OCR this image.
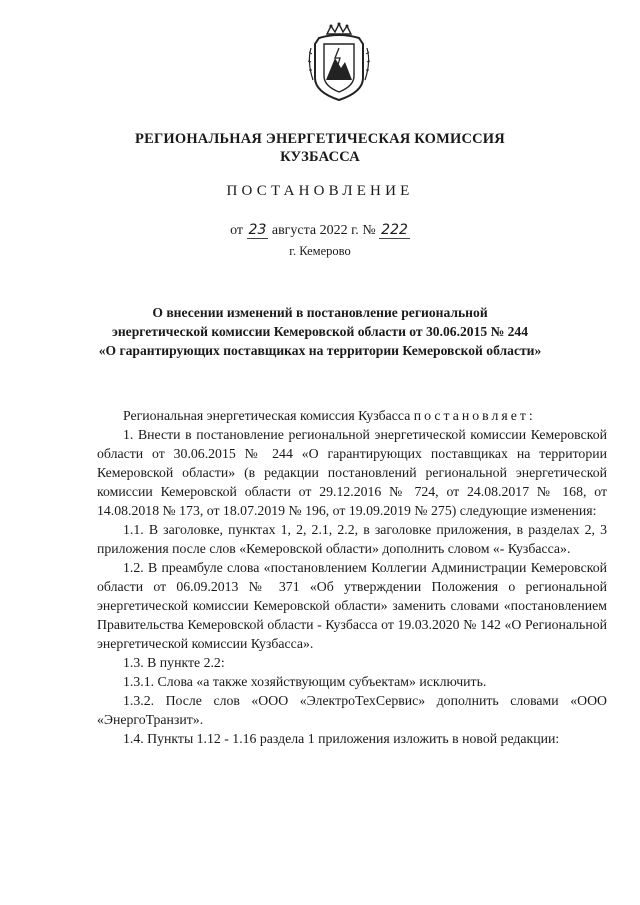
РЕГИОНАЛЬНАЯ ЭНЕРГЕТИЧЕСКАЯ КОМИССИЯ
КУЗБАССА
ПОСТАНОВЛЕНИЕ
от 23 августа 2022 г. № 222
г. Кемерово
О внесении изменений в постановление региональной
энергетической комиссии Кемеровской области от 30.06.2015 № 244
«О гарантирующих поставщиках на территории Кемеровской области»

Региональная энергетическая комиссия Кузбасса постановляет:

1. Внести в постановление региональной энергетической комиссии Кемеровской области от 30.06.2015 № 244 «О гарантирующих поставщиках на территории Кемеровской области» (в редакции постановлений региональной энергетической комиссии Кемеровской области от 29.12.2016 № 724, от 24.08.2017 № 168, от 14.08.2018 № 173, от 18.07.2019 № 196, от 19.09.2019 № 275) следующие изменения:

1.1. В заголовке, пунктах 1, 2, 2.1, 2.2, в заголовке приложения, в разделах 2, 3 приложения после слов «Кемеровской области» дополнить словом «- Кузбасса».

1.2. В преамбуле слова «постановлением Коллегии Администрации Кемеровской области от 06.09.2013 № 371 «Об утверждении Положения о региональной энергетической комиссии Кемеровской области» заменить словами «постановлением Правительства Кемеровской области - Кузбасса от 19.03.2020 № 142 «О Региональной энергетической комиссии Кузбасса».

1.3. В пункте 2.2:

1.3.1. Слова «а также хозяйствующим субъектам» исключить.

1.3.2. После слов «ООО «ЭлектроТехСервис» дополнить словами «ООО «ЭнергоТранзит».

1.4. Пункты 1.12 - 1.16 раздела 1 приложения изложить в новой редакции:
